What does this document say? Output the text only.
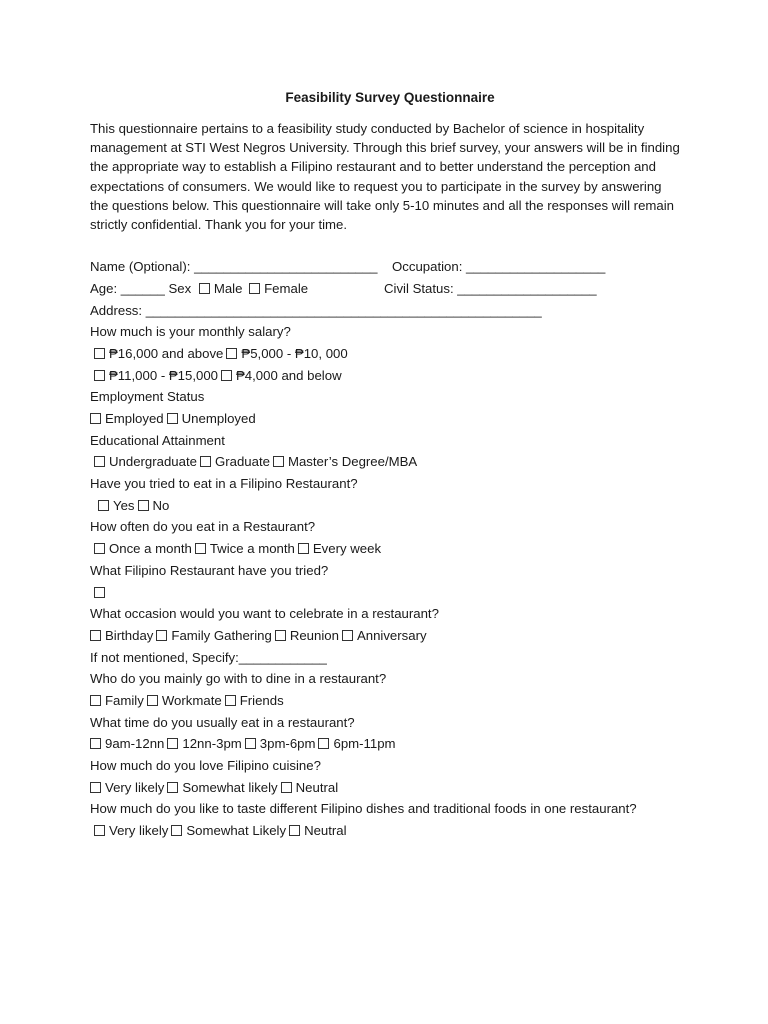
Feasibility Survey Questionnaire
This questionnaire pertains to a feasibility study conducted by Bachelor of science in hospitality management at STI West Negros University. Through this brief survey, your answers will be in finding the appropriate way to establish a Filipino restaurant and to better understand the perception and expectations of consumers. We would like to request you to participate in the survey by answering the questions below. This questionnaire will take only 5-10 minutes and all the responses will remain strictly confidential. Thank you for your time.
Name (Optional): _________________________ Occupation: ___________________
Age: ______ Sex Male Female	Civil Status: ___________________
Address: ______________________________________________________
How much is your monthly salary?
₱16,000 and above ₱5,000 - ₱10, 000
₱11,000 - ₱15,000 ₱4,000 and below
Employment Status
Employed Unemployed
Educational Attainment
Undergraduate Graduate Master’s Degree/MBA
Have you tried to eat in a Filipino Restaurant?
Yes No
How often do you eat in a Restaurant?
Once a month Twice a month Every week
What Filipino Restaurant have you tried?
What occasion would you want to celebrate in a restaurant?
Birthday Family Gathering Reunion Anniversary
If not mentioned, Specify:____________
Who do you mainly go with to dine in a restaurant?
Family Workmate Friends
What time do you usually eat in a restaurant?
9am-12nn 12nn-3pm 3pm-6pm 6pm-11pm
How much do you love Filipino cuisine?
Very likely Somewhat likely Neutral
How much do you like to taste different Filipino dishes and traditional foods in one restaurant?
Very likely Somewhat Likely Neutral
